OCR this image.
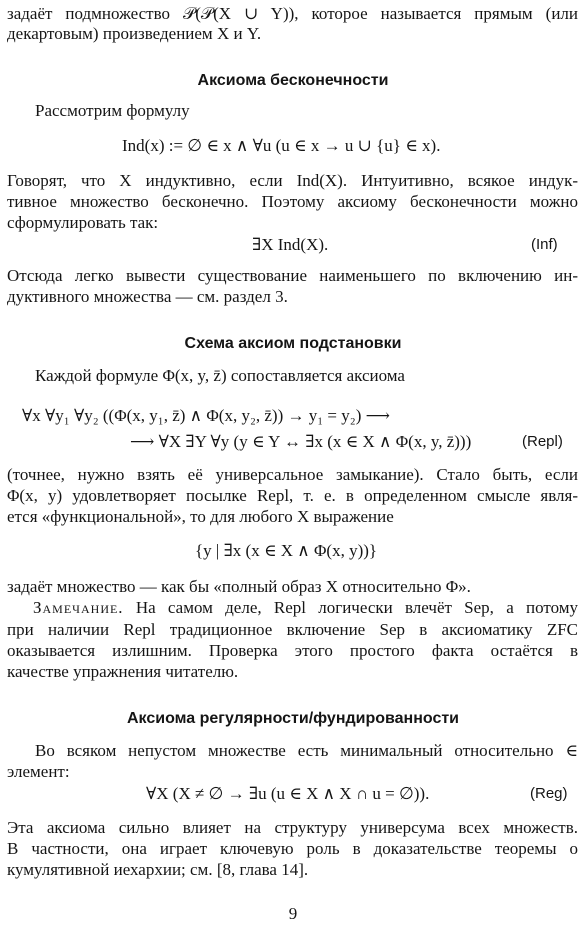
задаёт подмножество 𝒫(𝒫(X ∪ Y)), которое называется прямым (или
декартовым) произведением X и Y.
Аксиома бесконечности
Рассмотрим формулу
Ind(x) := ∅ ∈ x ∧ ∀u (u ∈ x → u ∪ {u} ∈ x).
Говорят, что X индуктивно, если Ind(X). Интуитивно, всякое индук-
тивное множество бесконечно. Поэтому аксиому бесконечности можно
сформулировать так:
∃X Ind(X).	(Inf)
Отсюда легко вывести существование наименьшего по включению ин-
дуктивного множества — см. раздел 3.
Схема аксиом подстановки
Каждой формуле Φ(x, y, z̄) сопоставляется аксиома
∀x ∀y₁ ∀y₂ ((Φ(x, y₁, z̄) ∧ Φ(x, y₂, z̄)) → y₁ = y₂) ⟶
⟶ ∀X ∃Y ∀y (y ∈ Y ↔ ∃x (x ∈ X ∧ Φ(x, y, z̄)))	(Repl)
(точнее, нужно взять её универсальное замыкание). Стало быть, если
Φ(x, y) удовлетворяет посылке Repl, т. е. в определенном смысле явля-
ется «функциональной», то для любого X выражение
{y | ∃x (x ∈ X ∧ Φ(x, y))}
задаёт множество — как бы «полный образ X относительно Φ».
Замечание. На самом деле, Repl логически влечёт Sep, а потому
при наличии Repl традиционное включение Sep в аксиоматику ZFC
оказывается излишним. Проверка этого простого факта остаётся в
качестве упражнения читателю.
Аксиома регулярности/фундированности
Во всяком непустом множестве есть минимальный относительно ∈
элемент:
∀X (X ≠ ∅ → ∃u (u ∈ X ∧ X ∩ u = ∅)).	(Reg)
Эта аксиома сильно влияет на структуру универсума всех множеств.
В частности, она играет ключевую роль в доказательстве теоремы о
кумулятивной иехархии; см. [8, глава 14].
9
